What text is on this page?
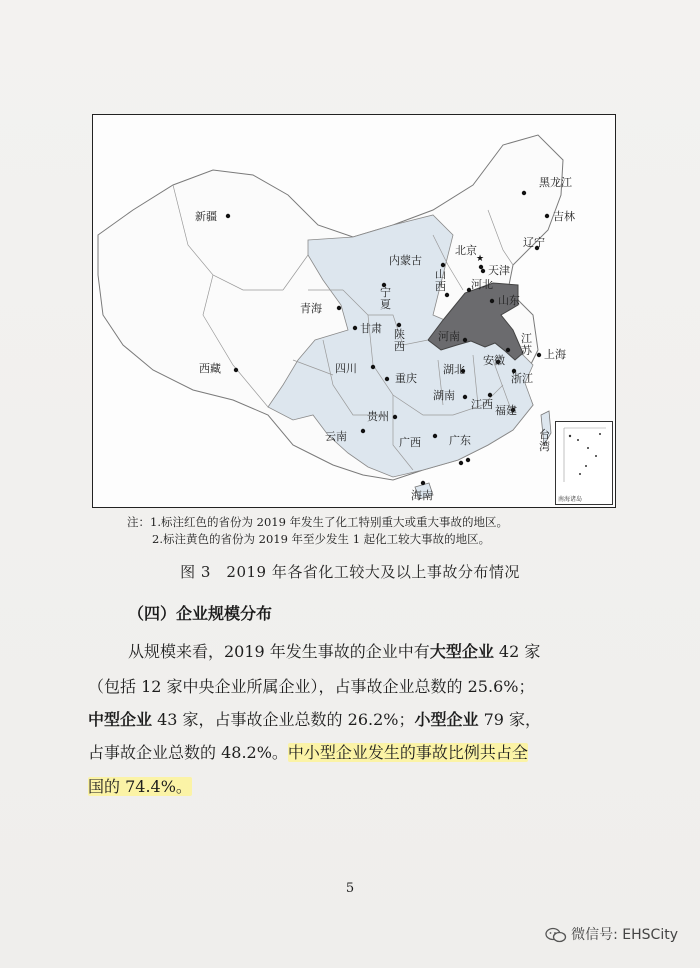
★
黑龙江
吉林
辽宁
新疆
内蒙古
北京
天津
河北
山东
山西
宁夏
青海
甘肃 陕西
河南	江苏 上海
安徽
湖北
浙江
西藏	四川
重庆
湖南
江西 福建
贵州
云南	广西	广东	台湾
海南	南海诸岛
注：1.标注红色的省份为 2019 年发生了化工特别重大或重大事故的地区。
2.标注黄色的省份为 2019 年至少发生 1 起化工较大事故的地区。
图 3　2019 年各省化工较大及以上事故分布情况
（四）企业规模分布
从规模来看，2019 年发生事故的企业中有大型企业 42 家
（包括 12 家中央企业所属企业），占事故企业总数的 25.6%；
中型企业 43 家，占事故企业总数的 26.2%；小型企业 79 家，
占事故企业总数的 48.2%。中小型企业发生的事故比例共占全
国的 74.4%。
5
微信号: EHSCity
